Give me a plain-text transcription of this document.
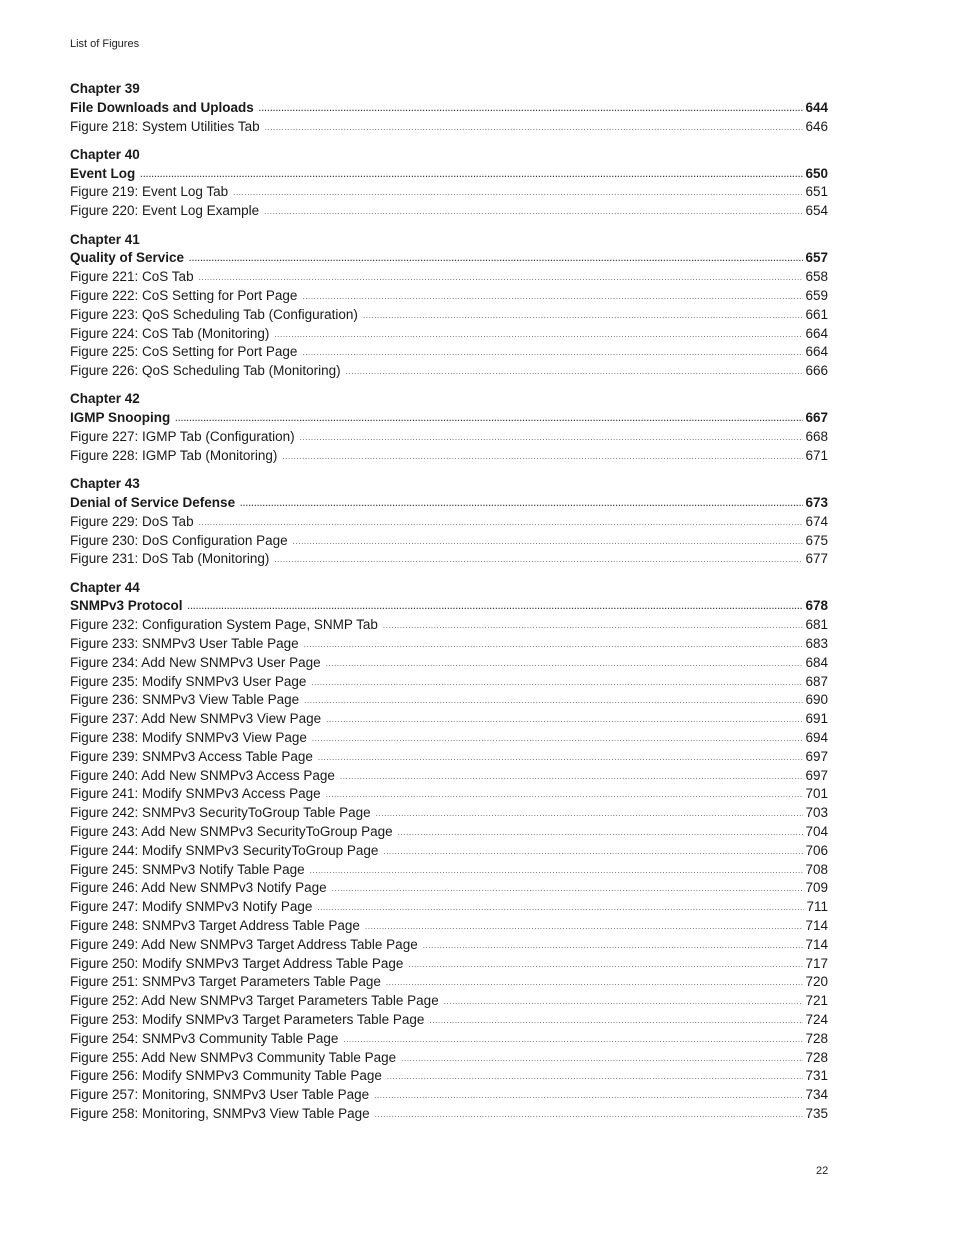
List of Figures
Chapter 39
File Downloads and Uploads .....	644
Figure 218: System Utilities Tab .....	646
Chapter 40
Event Log .....	650
Figure 219: Event Log Tab .....	651
Figure 220: Event Log Example .....	654
Chapter 41
Quality of Service .....	657
Figure 221: CoS Tab .....	658
Figure 222: CoS Setting for Port Page .....	659
Figure 223: QoS Scheduling Tab (Configuration) .....	661
Figure 224: CoS Tab (Monitoring) .....	664
Figure 225: CoS Setting for Port Page .....	664
Figure 226: QoS Scheduling Tab (Monitoring) .....	666
Chapter 42
IGMP Snooping .....	667
Figure 227: IGMP Tab (Configuration) .....	668
Figure 228: IGMP Tab (Monitoring) .....	671
Chapter 43
Denial of Service Defense .....	673
Figure 229: DoS Tab .....	674
Figure 230: DoS Configuration Page .....	675
Figure 231: DoS Tab (Monitoring) .....	677
Chapter 44
SNMPv3 Protocol .....	678
Figure 232: Configuration System Page, SNMP Tab .....	681
Figure 233: SNMPv3 User Table Page .....	683
Figure 234: Add New SNMPv3 User Page .....	684
Figure 235: Modify SNMPv3 User Page .....	687
Figure 236: SNMPv3 View Table Page .....	690
Figure 237: Add New SNMPv3 View Page .....	691
Figure 238: Modify SNMPv3 View Page .....	694
Figure 239: SNMPv3 Access Table Page .....	697
Figure 240: Add New SNMPv3 Access Page .....	697
Figure 241: Modify SNMPv3 Access Page .....	701
Figure 242: SNMPv3 SecurityToGroup Table Page .....	703
Figure 243: Add New SNMPv3 SecurityToGroup Page .....	704
Figure 244: Modify SNMPv3 SecurityToGroup Page .....	706
Figure 245: SNMPv3 Notify Table Page .....	708
Figure 246: Add New SNMPv3 Notify Page .....	709
Figure 247: Modify SNMPv3 Notify Page .....	711
Figure 248: SNMPv3 Target Address Table Page .....	714
Figure 249: Add New SNMPv3 Target Address Table Page .....	714
Figure 250: Modify SNMPv3 Target Address Table Page .....	717
Figure 251: SNMPv3 Target Parameters Table Page .....	720
Figure 252: Add New SNMPv3 Target Parameters Table Page .....	721
Figure 253: Modify SNMPv3 Target Parameters Table Page .....	724
Figure 254: SNMPv3 Community Table Page .....	728
Figure 255: Add New SNMPv3 Community Table Page .....	728
Figure 256: Modify SNMPv3 Community Table Page .....	731
Figure 257: Monitoring, SNMPv3 User Table Page .....	734
Figure 258: Monitoring, SNMPv3 View Table Page .....	735
22
